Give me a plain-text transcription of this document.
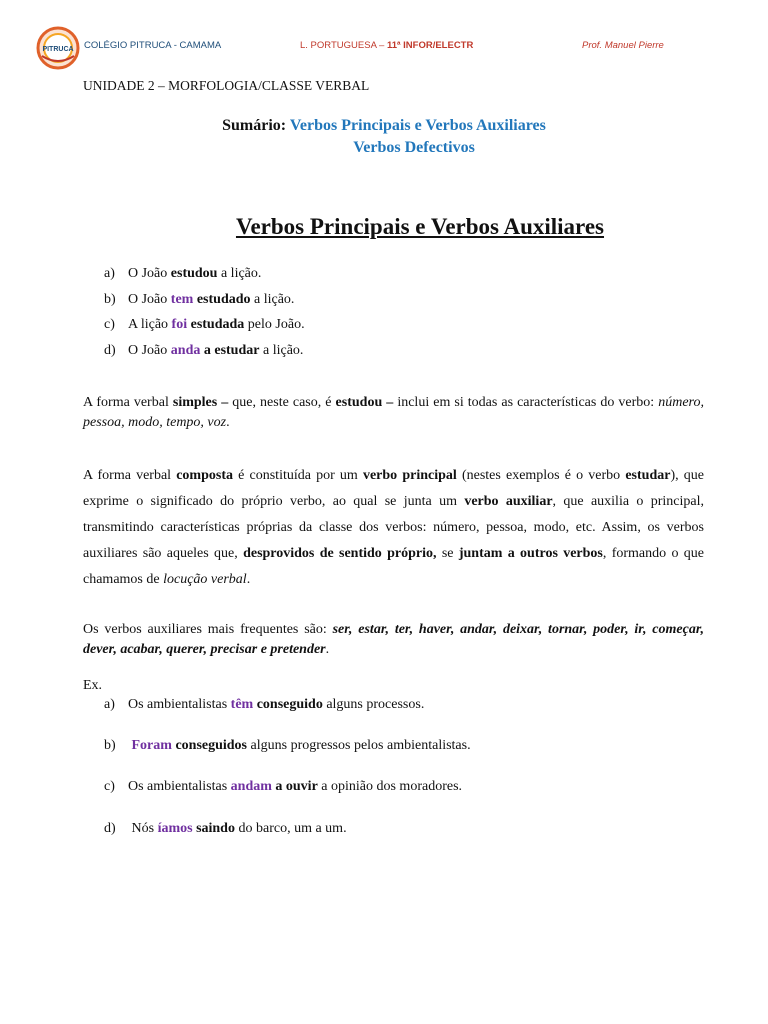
PITRUCA COLÉGIO PITRUCA - CAMAMA	L. PORTUGUESA – 11ª INFOR/ELECTR	Prof. Manuel Pierre
UNIDADE 2 – MORFOLOGIA/CLASSE VERBAL
Sumário: Verbos Principais e Verbos Auxiliares
Verbos Defectivos
Verbos Principais e Verbos Auxiliares
a) O João estudou a lição.
b) O João tem estudado a lição.
c) A lição foi estudada pelo João.
d) O João anda a estudar a lição.

A forma verbal simples – que, neste caso, é estudou – inclui em si todas as características do verbo: número, pessoa, modo, tempo, voz.

A forma verbal composta é constituída por um verbo principal (nestes exemplos é o verbo estudar), que exprime o significado do próprio verbo, ao qual se junta um verbo auxiliar, que auxilia o principal, transmitindo características próprias da classe dos verbos: número, pessoa, modo, etc. Assim, os verbos auxiliares são aqueles que, desprovidos de sentido próprio, se juntam a outros verbos, formando o que chamamos de locução verbal.

Os verbos auxiliares mais frequentes são: ser, estar, ter, haver, andar, deixar, tornar, poder, ir, começar, dever, acabar, querer, precisar e pretender.

Ex.
a) Os ambientalistas têm conseguido alguns processos.
b) Foram conseguidos alguns progressos pelos ambientalistas.
c) Os ambientalistas andam a ouvir a opinião dos moradores.
d) Nós íamos saindo do barco, um a um.
